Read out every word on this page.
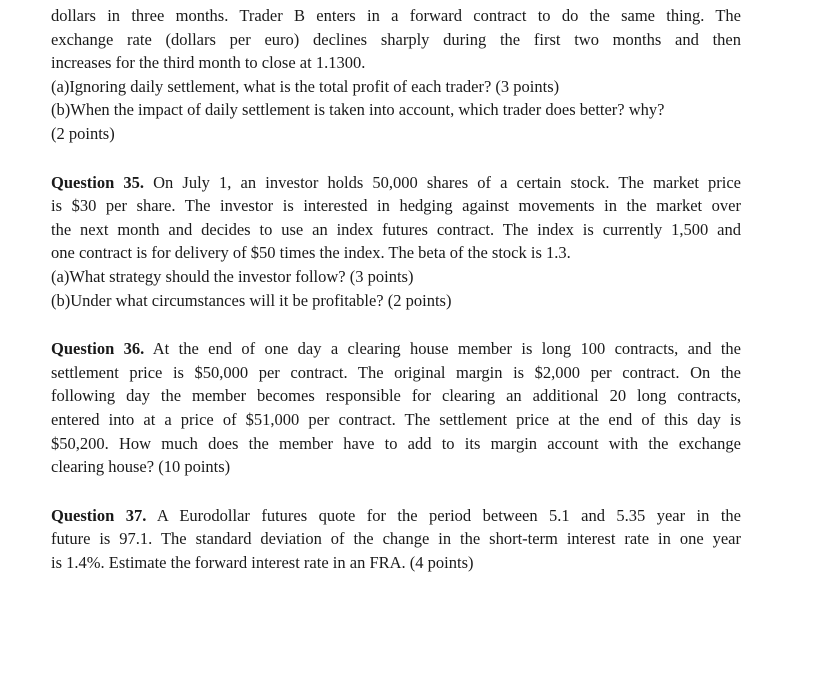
dollars in three months. Trader B enters in a forward contract to do the same thing. The
exchange rate (dollars per euro) declines sharply during the first two months and then
increases for the third month to close at 1.1300.
(a)Ignoring daily settlement, what is the total profit of each trader? (3 points)
(b)When the impact of daily settlement is taken into account, which trader does better? why?
(2 points)
Question 35. On July 1, an investor holds 50,000 shares of a certain stock. The market price
is $30 per share. The investor is interested in hedging against movements in the market over
the next month and decides to use an index futures contract. The index is currently 1,500 and
one contract is for delivery of $50 times the index. The beta of the stock is 1.3.
(a)What strategy should the investor follow? (3 points)
(b)Under what circumstances will it be profitable? (2 points)
Question 36. At the end of one day a clearing house member is long 100 contracts, and the
settlement price is $50,000 per contract. The original margin is $2,000 per contract. On the
following day the member becomes responsible for clearing an additional 20 long contracts,
entered into at a price of $51,000 per contract. The settlement price at the end of this day is
$50,200. How much does the member have to add to its margin account with the exchange
clearing house? (10 points)
Question 37. A Eurodollar futures quote for the period between 5.1 and 5.35 year in the
future is 97.1. The standard deviation of the change in the short-term interest rate in one year
is 1.4%. Estimate the forward interest rate in an FRA. (4 points)
